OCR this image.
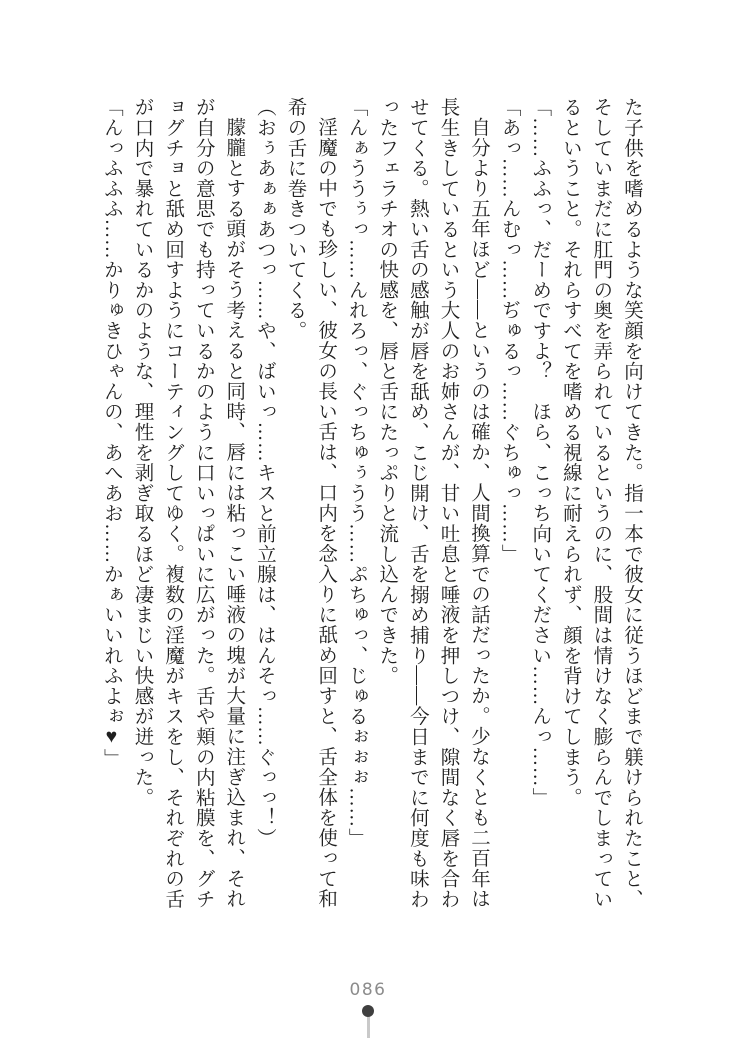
た子供を嗜めるような笑顔を向けてきた。指一本で彼女に従うほどまで躾けられたこと、
そしていまだに肛門の奥を弄られているというのに、股間は情けなく膨らんでしまってい
るということ。それらすべてを嗜める視線に耐えられず、顔を背けてしまう。
「……ふふっ、だーめですよ？　ほら、こっち向いてください……んっ……」
「あっ……んむっ……ぢゅるっ……ぐちゅっ……」
自分より五年ほど――というのは確か、人間換算での話だったか。少なくとも二百年は
長生きしているという大人のお姉さんが、甘い吐息と唾液を押しつけ、隙間なく唇を合わ
せてくる。熱い舌の感触が唇を舐め、こじ開け、舌を搦め捕り――今日までに何度も味わ
ったフェラチオの快感を、唇と舌にたっぷりと流し込んできた。
「んぁううぅっ……んれろっ、ぐっちゅぅうう……ぷちゅっ、じゅるぉぉぉ……」
淫魔の中でも珍しい、彼女の長い舌は、口内を念入りに舐め回すと、舌全体を使って和
希の舌に巻きついてくる。
（おぅあぁぁあつっ……や、ばいっ……キスと前立腺は、はんそっ……ぐっっ！）
朦朧とする頭がそう考えると同時、唇には粘っこい唾液の塊が大量に注ぎ込まれ、それ
が自分の意思でも持っているかのように口いっぱいに広がった。舌や頬の内粘膜を、グチ
ョグチョと舐め回すようにコーティングしてゆく。複数の淫魔がキスをし、それぞれの舌
が口内で暴れているかのような、理性を剥ぎ取るほど凄まじい快感が迸った。
「んっふふふ……かりゅきひゃんの、あへあお……かぁいいれふよぉ♥」
086
